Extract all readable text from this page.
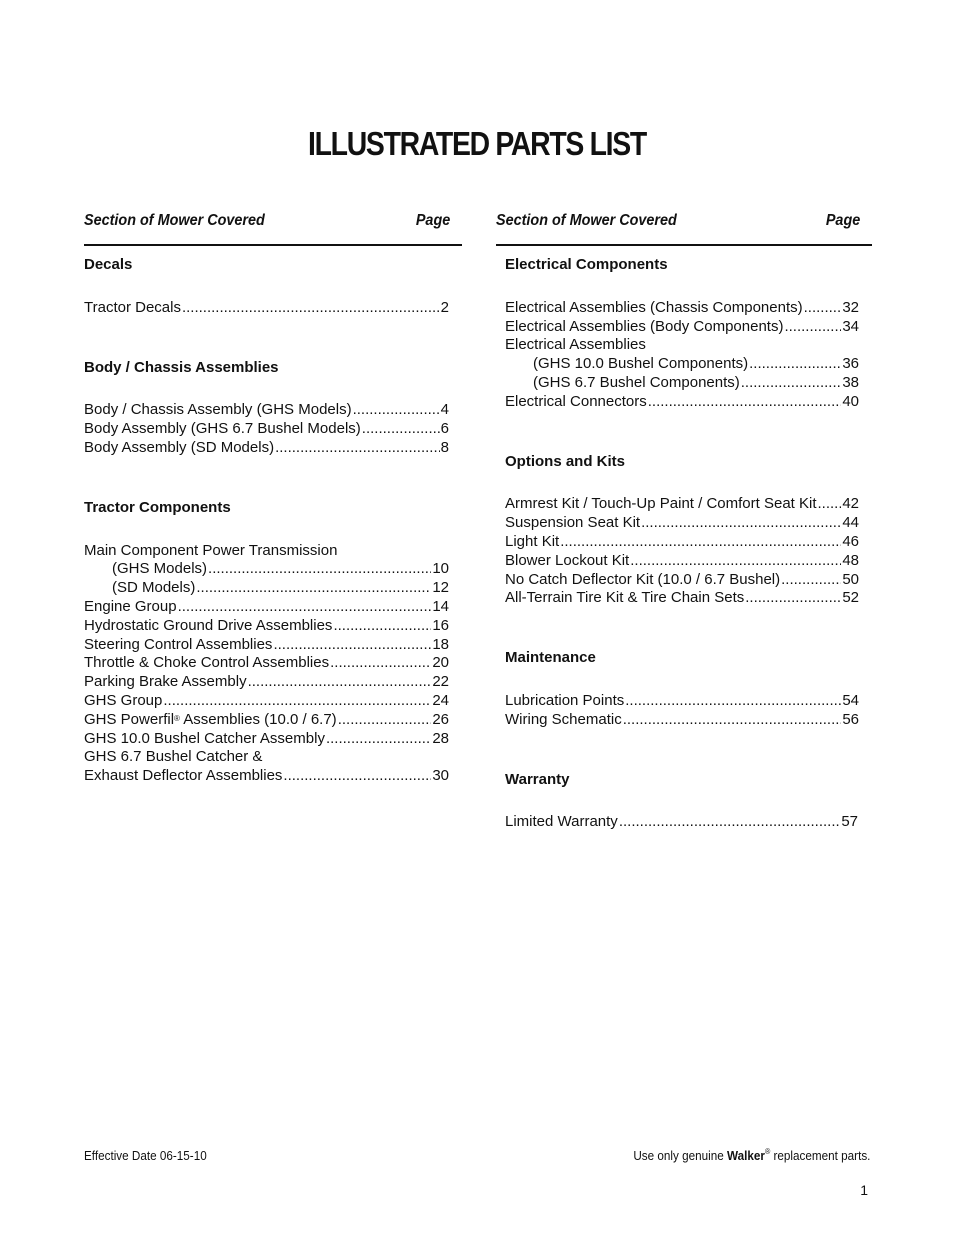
ILLUSTRATED PARTS LIST
Section of Mower Covered	Page
Decals
Tractor Decals .....	2
Body / Chassis Assemblies
Body / Chassis Assembly (GHS Models) .....	4
Body Assembly (GHS 6.7 Bushel Models) .....	6
Body Assembly (SD Models) .....	8
Tractor Components
Main Component Power Transmission
(GHS Models) .....	10
(SD Models) .....	12
Engine Group .....	14
Hydrostatic Ground Drive Assemblies .....	16
Steering Control Assemblies .....	18
Throttle & Choke Control Assemblies .....	20
Parking Brake Assembly .....	22
GHS Group .....	24
GHS Powerfil® Assemblies (10.0 / 6.7) .....	26
GHS 10.0 Bushel Catcher Assembly .....	28
GHS 6.7 Bushel Catcher &
Exhaust Deflector Assemblies .....	30
Section of Mower Covered	Page
Electrical Components
Electrical Assemblies (Chassis Components) .....	32
Electrical Assemblies (Body Components) .....	34
Electrical Assemblies
(GHS 10.0 Bushel Components) .....	36
(GHS 6.7 Bushel Components) .....	38
Electrical Connectors .....	40
Options and Kits
Armrest Kit / Touch-Up Paint / Comfort Seat Kit ..... 42
Suspension Seat Kit .....	44
Light Kit .....	46
Blower Lockout Kit .....	48
No Catch Deflector Kit (10.0 / 6.7 Bushel) .....	50
All-Terrain Tire Kit & Tire Chain Sets .....	52
Maintenance
Lubrication Points .....	54
Wiring Schematic .....	56
Warranty
Limited Warranty .....	57
Effective Date 06-15-10	Use only genuine Walker® replacement parts.
1
